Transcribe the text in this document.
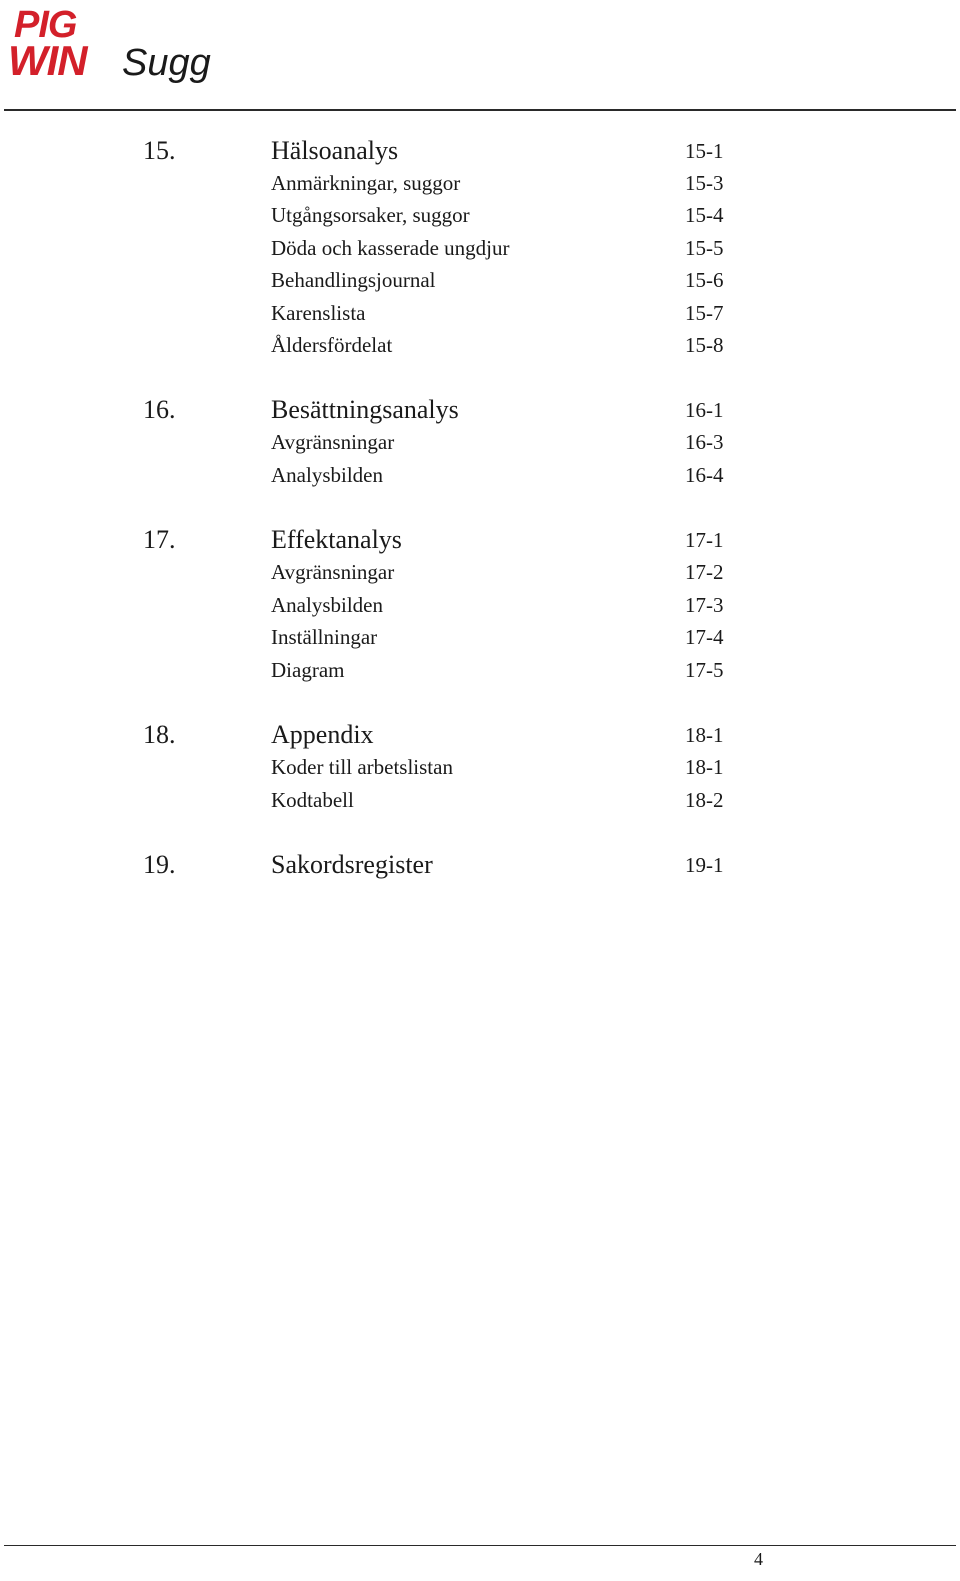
PIG
WIN Sugg
15.	Hälsoanalys	15-1
Anmärkningar, suggor	15-3
Utgångsorsaker, suggor	15-4
Döda och kasserade ungdjur	15-5
Behandlingsjournal	15-6
Karenslista	15-7
Åldersfördelat	15-8
16.	Besättningsanalys	16-1
Avgränsningar	16-3
Analysbilden	16-4
17.	Effektanalys	17-1
Avgränsningar	17-2
Analysbilden	17-3
Inställningar	17-4
Diagram	17-5
18.	Appendix	18-1
Koder till arbetslistan	18-1
Kodtabell	18-2
19.	Sakordsregister	19-1
4
